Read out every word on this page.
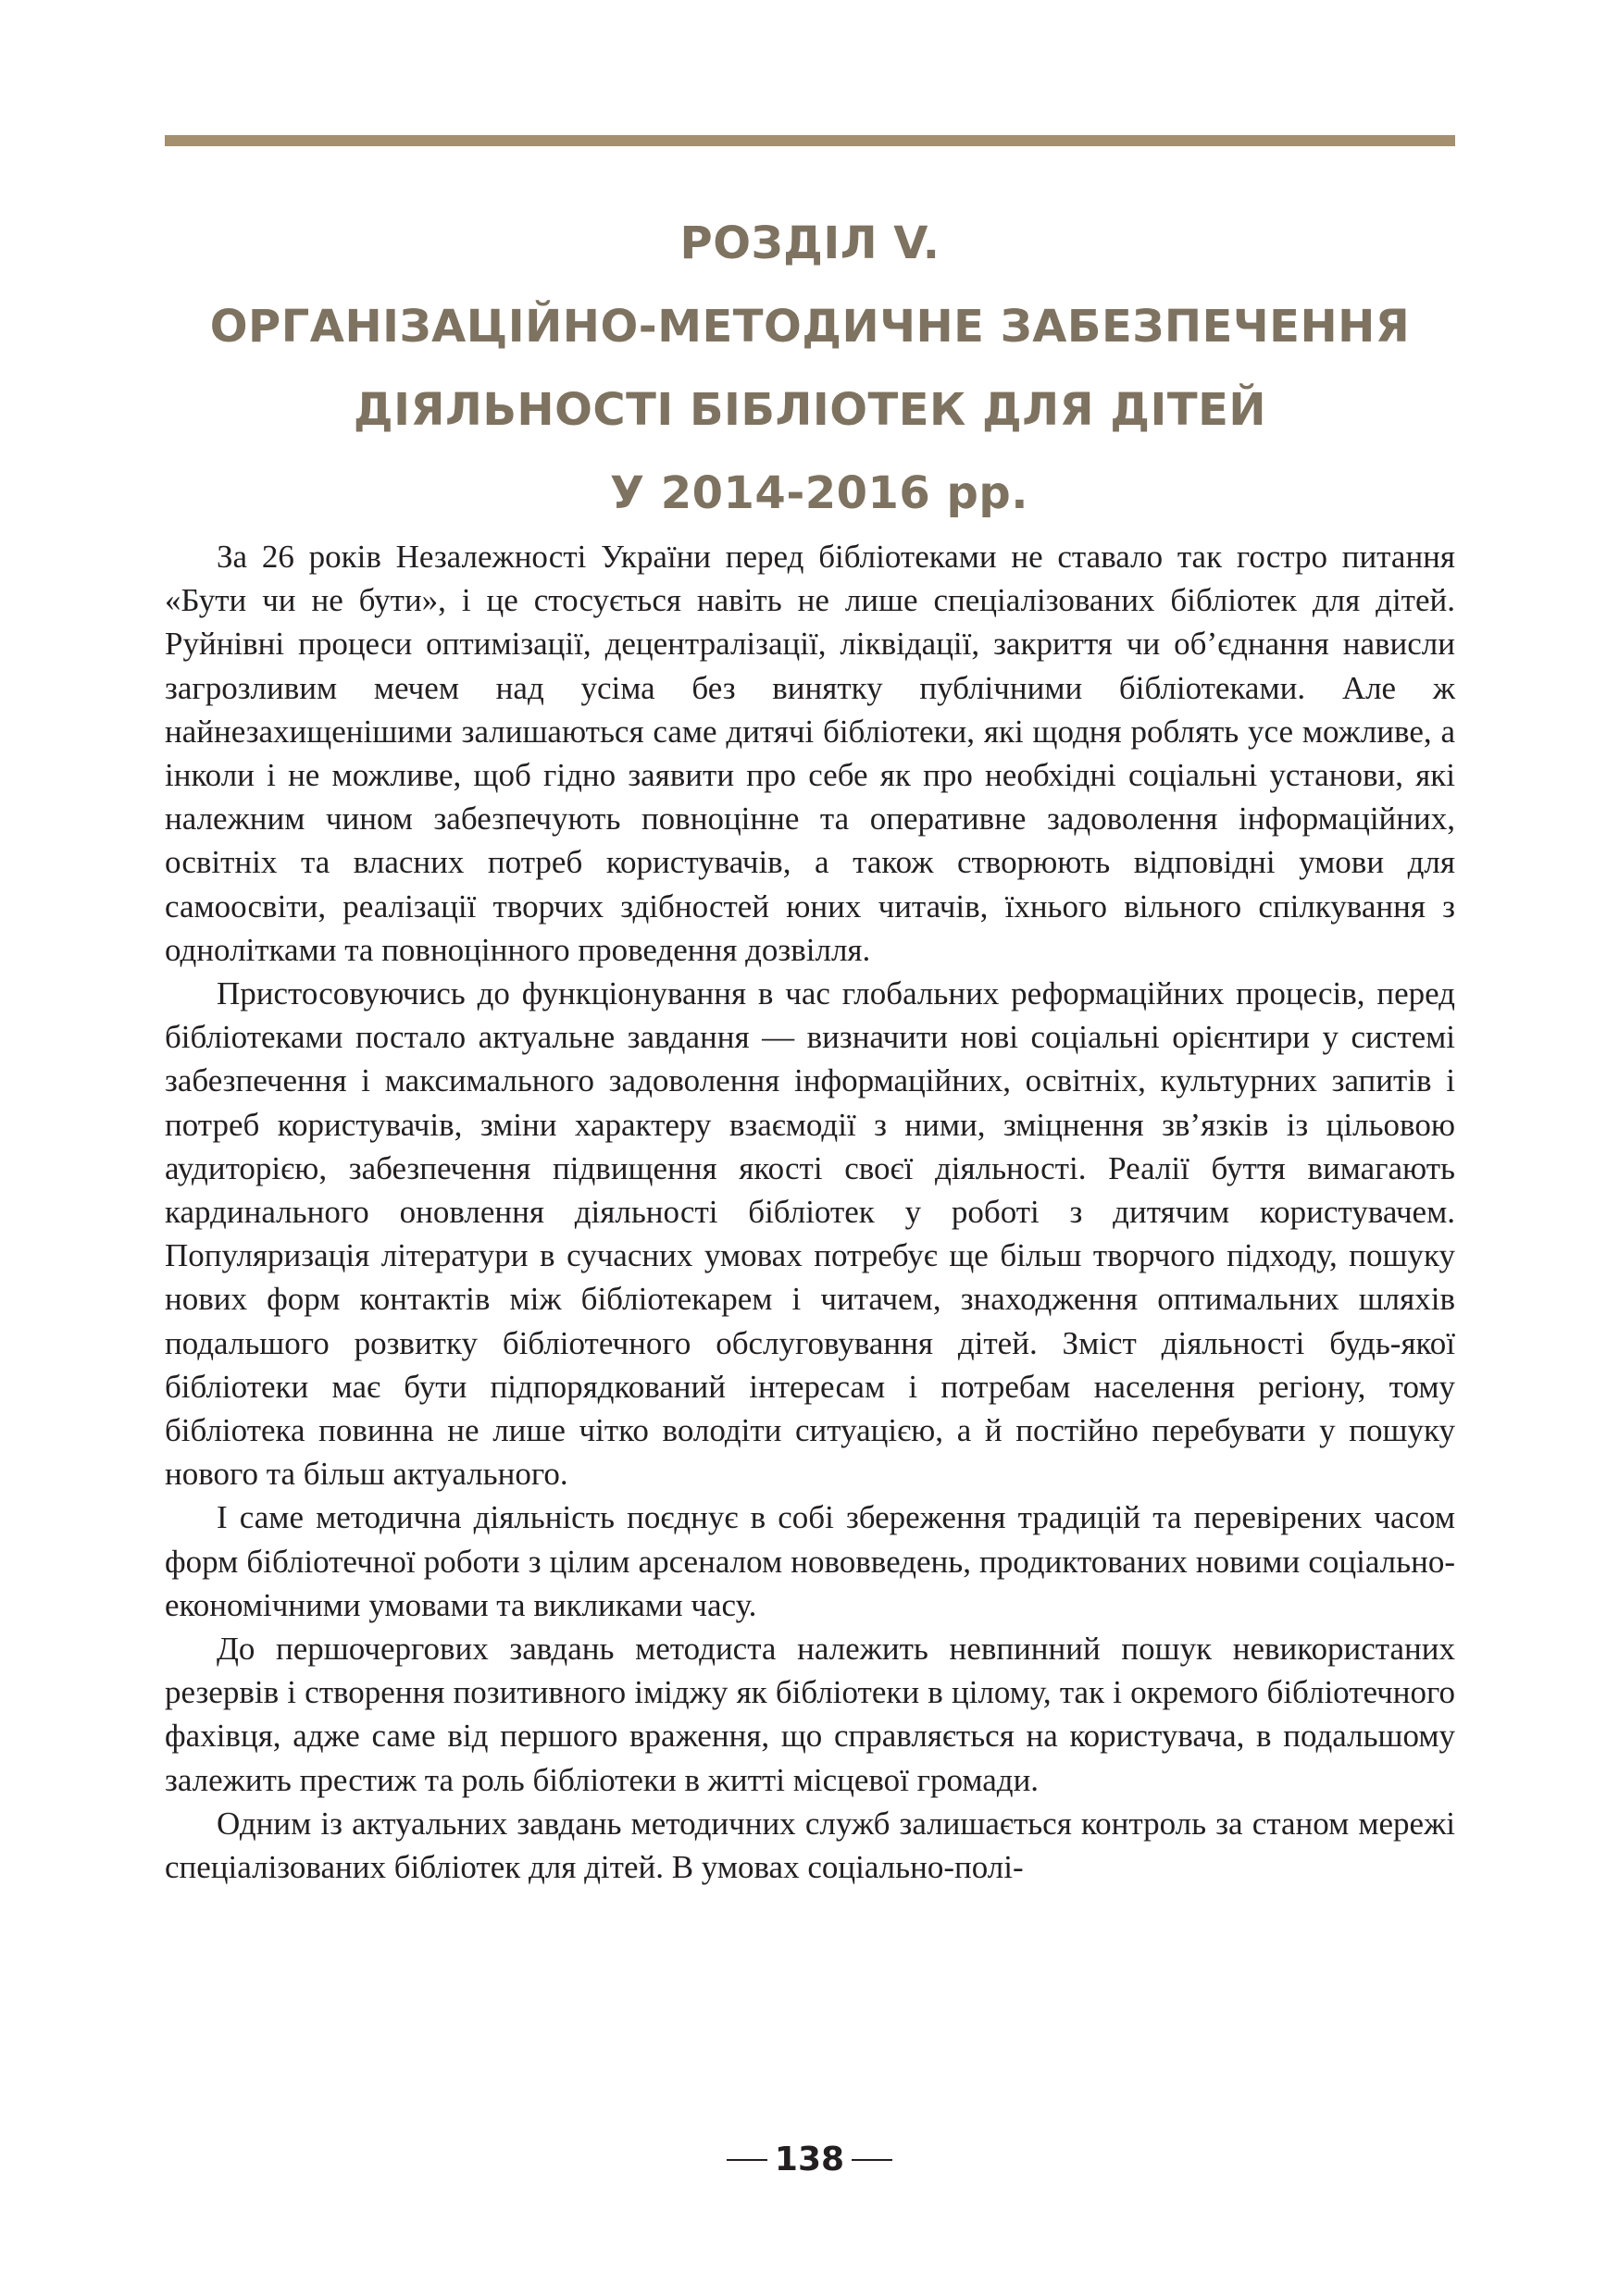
РОЗДІЛ V.
ОРГАНІЗАЦІЙНО-МЕТОДИЧНЕ ЗАБЕЗПЕЧЕННЯ
ДІЯЛЬНОСТІ БІБЛІОТЕК ДЛЯ ДІТЕЙ
У 2014-2016 рр.

За 26 років Незалежності України перед бібліотеками не ставало так гостро питання «Бути чи не бути», і це стосується навіть не лише спеціалізованих бібліотек для дітей. Руйнівні процеси оптимізації, децентралізації, ліквідації, закриття чи об’єднання нависли загрозливим мечем над усіма без винятку публічними бібліотеками. Але ж найнезахищенішими залишаються саме дитячі бібліотеки, які щодня роблять усе можливе, а інколи і не можливе, щоб гідно заявити про себе як про необхідні соціальні установи, які належним чином забезпечують повноцінне та оперативне задоволення інформаційних, освітніх та власних потреб користувачів, а також створюють відповідні умови для самоосвіти, реалізації творчих здібностей юних читачів, їхнього вільного спілкування з однолітками та повноцінного проведення дозвілля.

Пристосовуючись до функціонування в час глобальних реформаційних процесів, перед бібліотеками постало актуальне завдання — визначити нові соціальні орієнтири у системі забезпечення і максимального задоволення інформаційних, освітніх, культурних запитів і потреб користувачів, зміни характеру взаємодії з ними, зміцнення зв’язків із цільовою аудиторією, забезпечення підвищення якості своєї діяльності. Реалії буття вимагають кардинального оновлення діяльності бібліотек у роботі з дитячим користувачем. Популяризація літератури в сучасних умовах потребує ще більш творчого підходу, пошуку нових форм контактів між бібліотекарем і читачем, знаходження оптимальних шляхів подальшого розвитку бібліотечного обслуговування дітей. Зміст діяльності будь-якої бібліотеки має бути підпорядкований інтересам і потребам населення регіону, тому бібліотека повинна не лише чітко володіти ситуацією, а й постійно перебувати у пошуку нового та більш актуального.

І саме методична діяльність поєднує в собі збереження традицій та перевірених часом форм бібліотечної роботи з цілим арсеналом нововведень, продиктованих новими соціально-економічними умовами та викликами часу.

До першочергових завдань методиста належить невпинний пошук невикористаних резервів і створення позитивного іміджу як бібліотеки в цілому, так і окремого бібліотечного фахівця, адже саме від першого враження, що справляється на користувача, в подальшому залежить престиж та роль бібліотеки в житті місцевої громади.

Одним із актуальних завдань методичних служб залишається контроль за станом мережі спеціалізованих бібліотек для дітей. В умовах соціально-полі-

138
